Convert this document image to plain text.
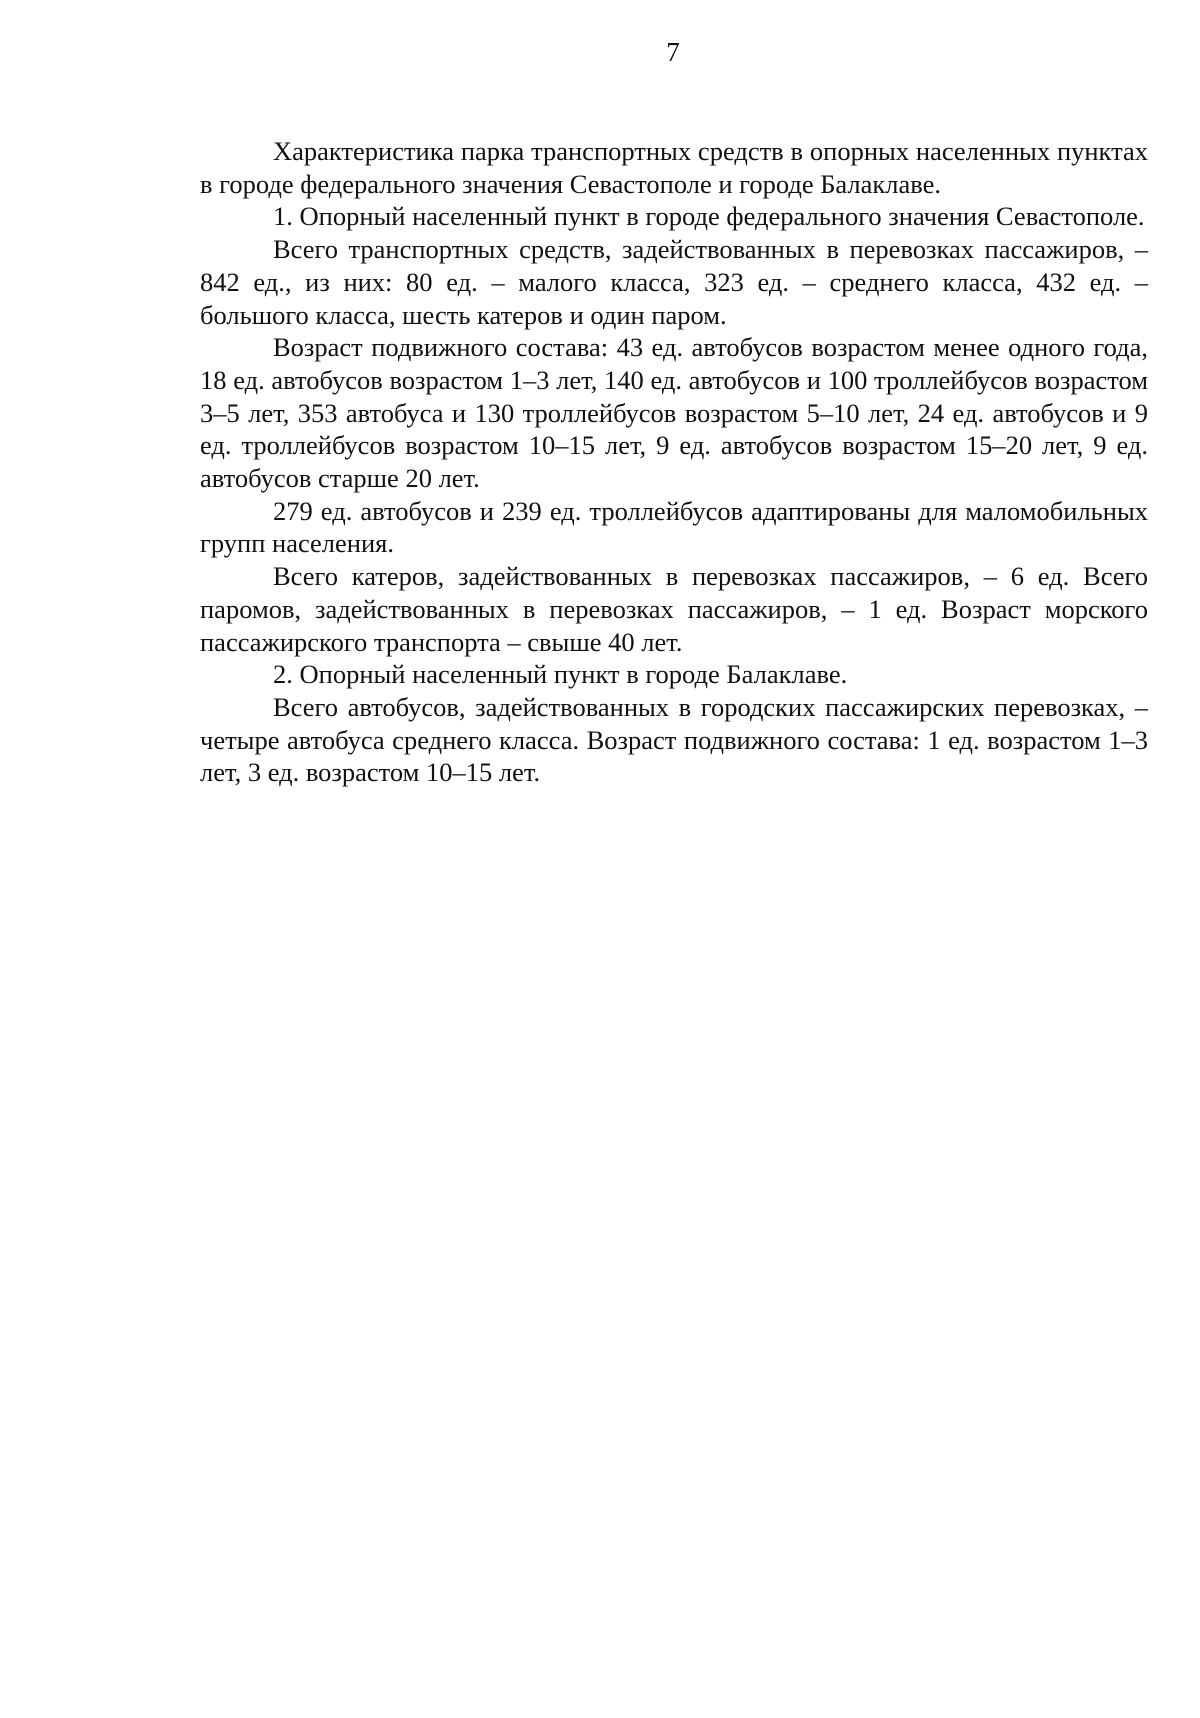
7

Характеристика парка транспортных средств в опорных населенных пунктах в городе федерального значения Севастополе и городе Балаклаве.

1. Опорный населенный пункт в городе федерального значения Севастополе.

Всего транспортных средств, задействованных в перевозках пассажиров, – 842 ед., из них: 80 ед. – малого класса, 323 ед. – среднего класса, 432 ед. – большого класса, шесть катеров и один паром.

Возраст подвижного состава: 43 ед. автобусов возрастом менее одного года, 18 ед. автобусов возрастом 1–3 лет, 140 ед. автобусов и 100 троллейбусов возрастом 3–5 лет, 353 автобуса и 130 троллейбусов возрастом 5–10 лет, 24 ед. автобусов и 9 ед. троллейбусов возрастом 10–15 лет, 9 ед. автобусов возрастом 15–20 лет, 9 ед. автобусов старше 20 лет.

279 ед. автобусов и 239 ед. троллейбусов адаптированы для маломобильных групп населения.

Всего катеров, задействованных в перевозках пассажиров, – 6 ед. Всего паромов, задействованных в перевозках пассажиров, – 1 ед. Возраст морского пассажирского транспорта – свыше 40 лет.

2. Опорный населенный пункт в городе Балаклаве.

Всего автобусов, задействованных в городских пассажирских перевозках, – четыре автобуса среднего класса. Возраст подвижного состава: 1 ед. возрастом 1–3 лет, 3 ед. возрастом 10–15 лет.
